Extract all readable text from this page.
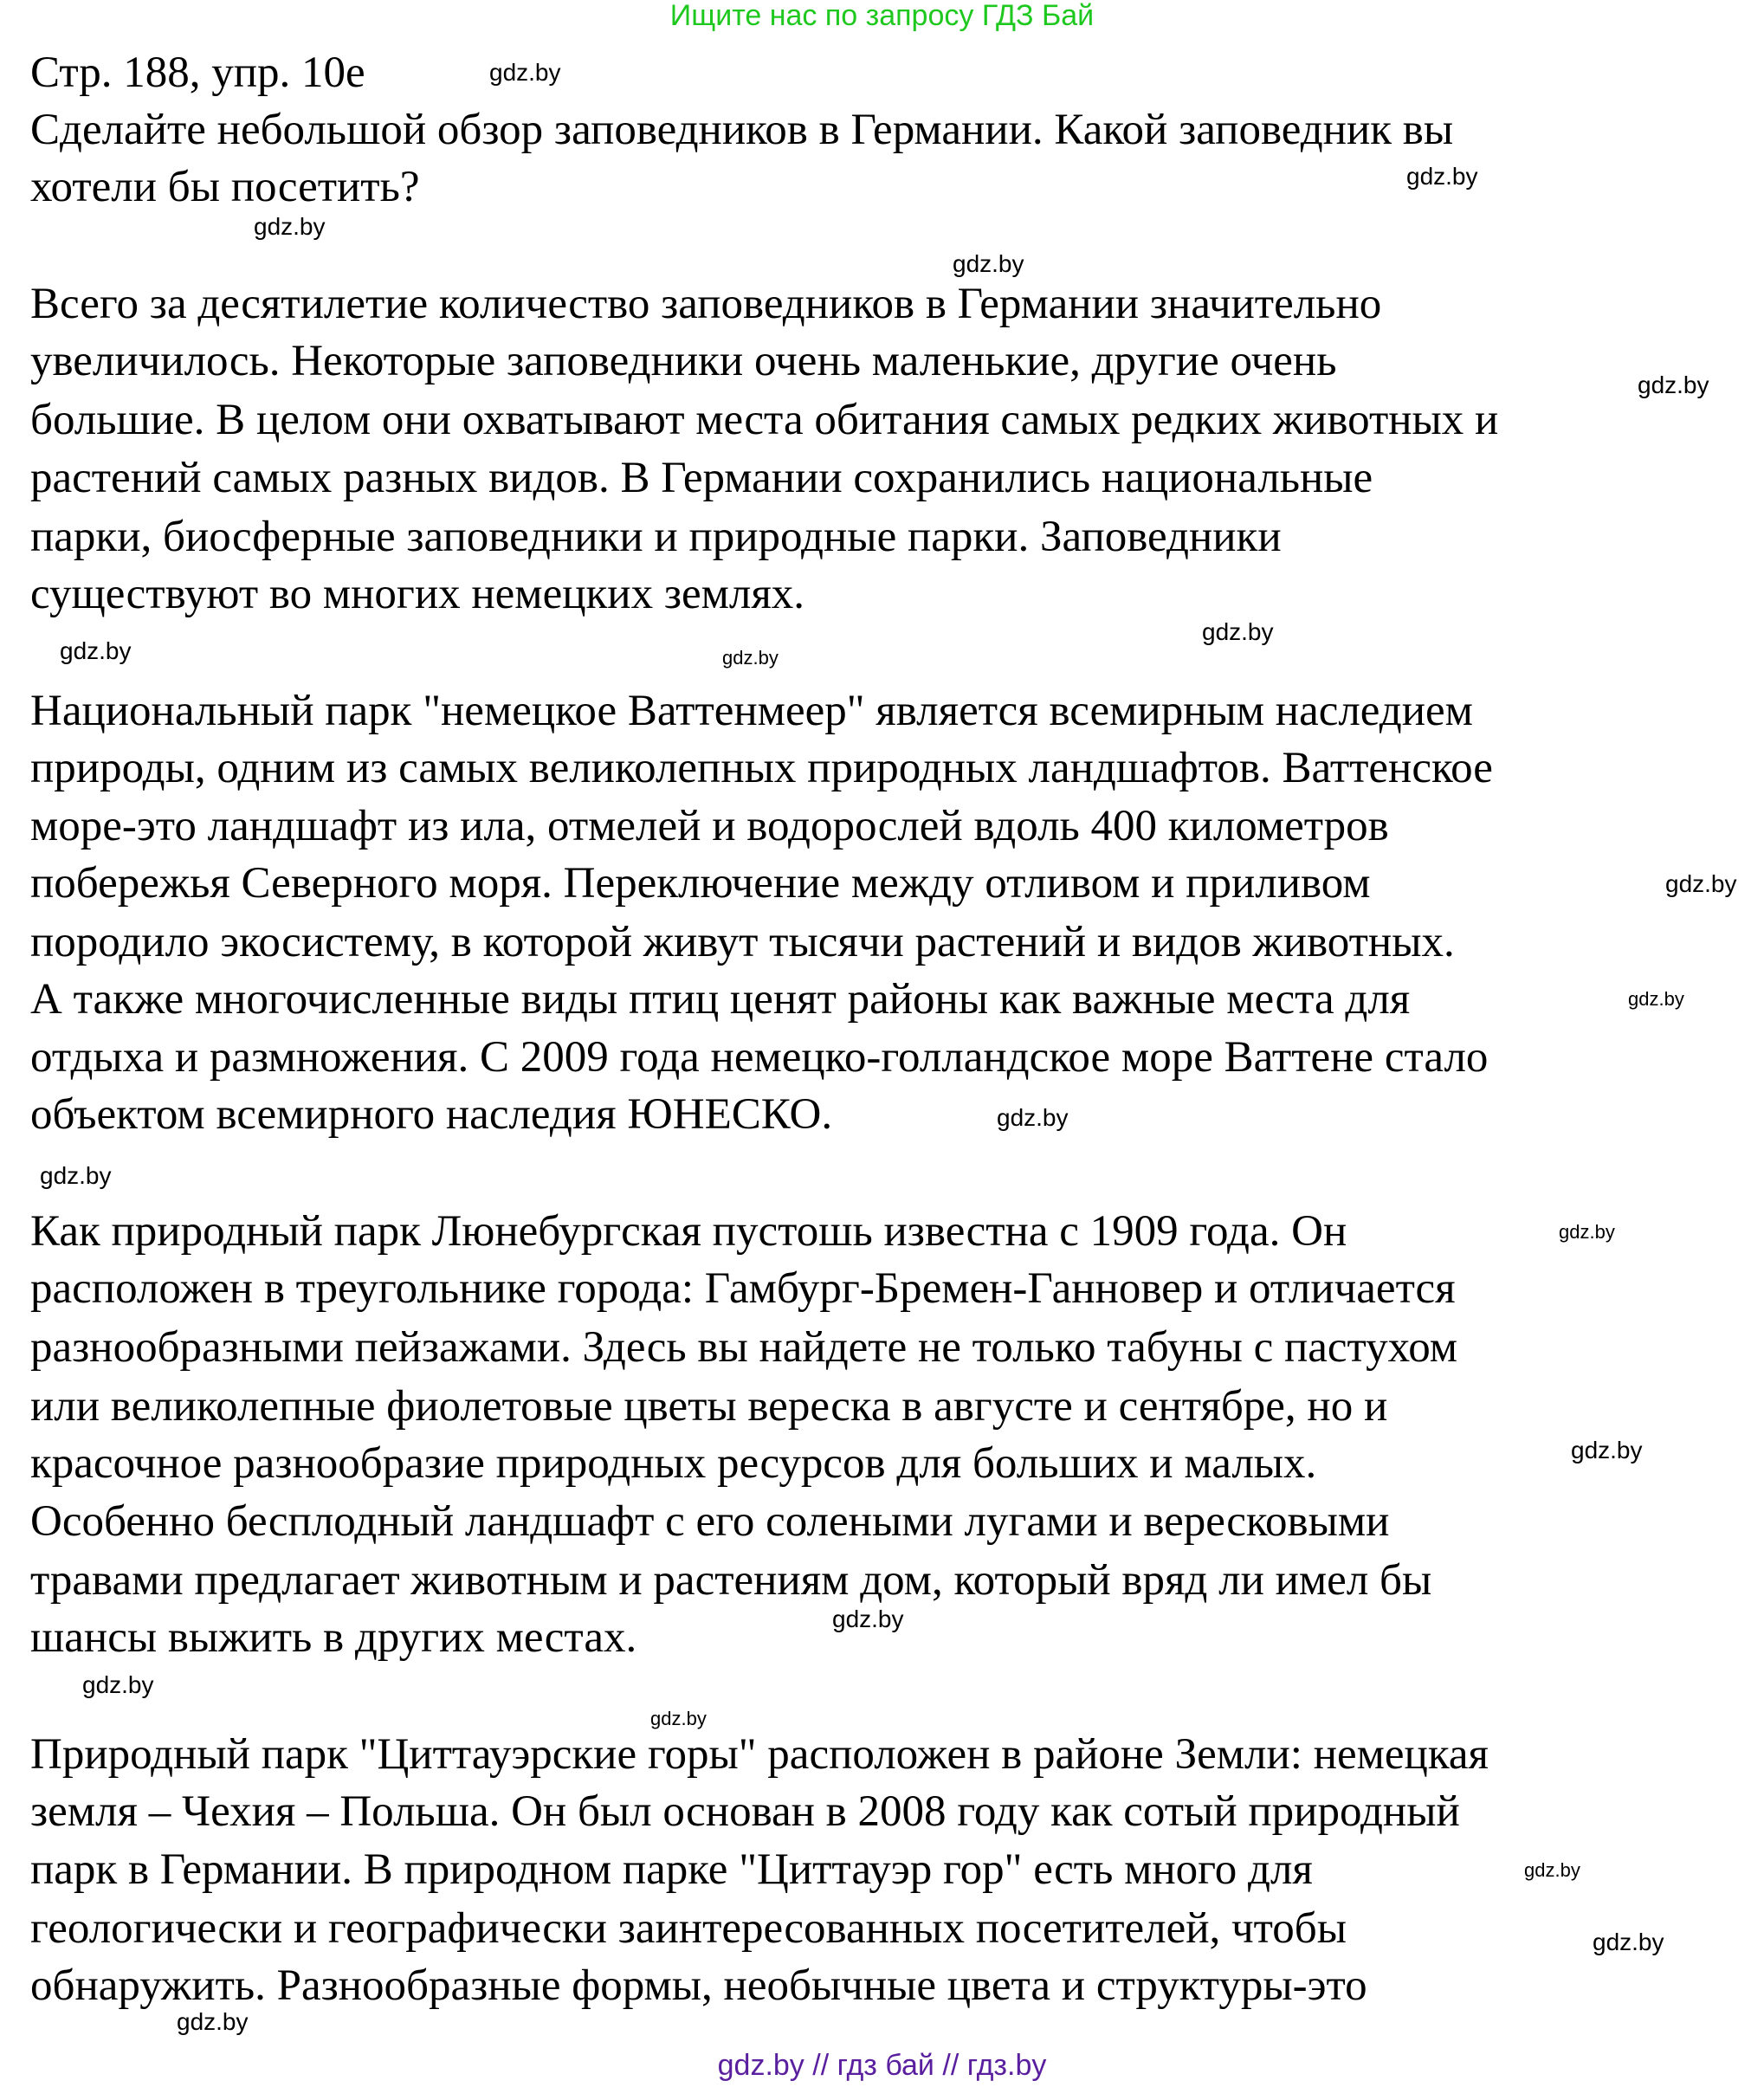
Ищите нас по запросу ГДЗ Бай
Стр. 188, упр. 10е
Сделайте небольшой обзор заповедников в Германии. Какой заповедник вы
хотели бы посетить?
Всего за десятилетие количество заповедников в Германии значительно
увеличилось. Некоторые заповедники очень маленькие, другие очень
большие. В целом они охватывают места обитания самых редких животных и
растений самых разных видов. В Германии сохранились национальные
парки, биосферные заповедники и природные парки. Заповедники
существуют во многих немецких землях.
Национальный парк "немецкое Ваттенмеер" является всемирным наследием
природы, одним из самых великолепных природных ландшафтов. Ваттенское
море-это ландшафт из ила, отмелей и водорослей вдоль 400 километров
побережья Северного моря. Переключение между отливом и приливом
породило экосистему, в которой живут тысячи растений и видов животных.
А также многочисленные виды птиц ценят районы как важные места для
отдыха и размножения. С 2009 года немецко-голландское море Ваттене стало
объектом всемирного наследия ЮНЕСКО.
Как природный парк Люнебургская пустошь известна с 1909 года. Он
расположен в треугольнике города: Гамбург-Бремен-Ганновер и отличается
разнообразными пейзажами. Здесь вы найдете не только табуны с пастухом
или великолепные фиолетовые цветы вереска в августе и сентябре, но и
красочное разнообразие природных ресурсов для больших и малых.
Особенно бесплодный ландшафт с его солеными лугами и вересковыми
травами предлагает животным и растениям дом, который вряд ли имел бы
шансы выжить в других местах.
Природный парк "Циттауэрские горы" расположен в районе Земли: немецкая
земля – Чехия – Польша. Он был основан в 2008 году как сотый природный
парк в Германии. В природном парке "Циттауэр гор" есть много для
геологически и географически заинтересованных посетителей, чтобы
обнаружить. Разнообразные формы, необычные цвета и структуры-это
gdz.by
gdz.by
gdz.by
gdz.by
gdz.by
gdz.by
gdz.by	gdz.by
gdz.by
gdz.by
gdz.by
gdz.by
gdz.by
gdz.by
gdz.by
gdz.by
gdz.by
gdz.by
gdz.by
gdz.by
gdz.by // гдз бай // гдз.by
